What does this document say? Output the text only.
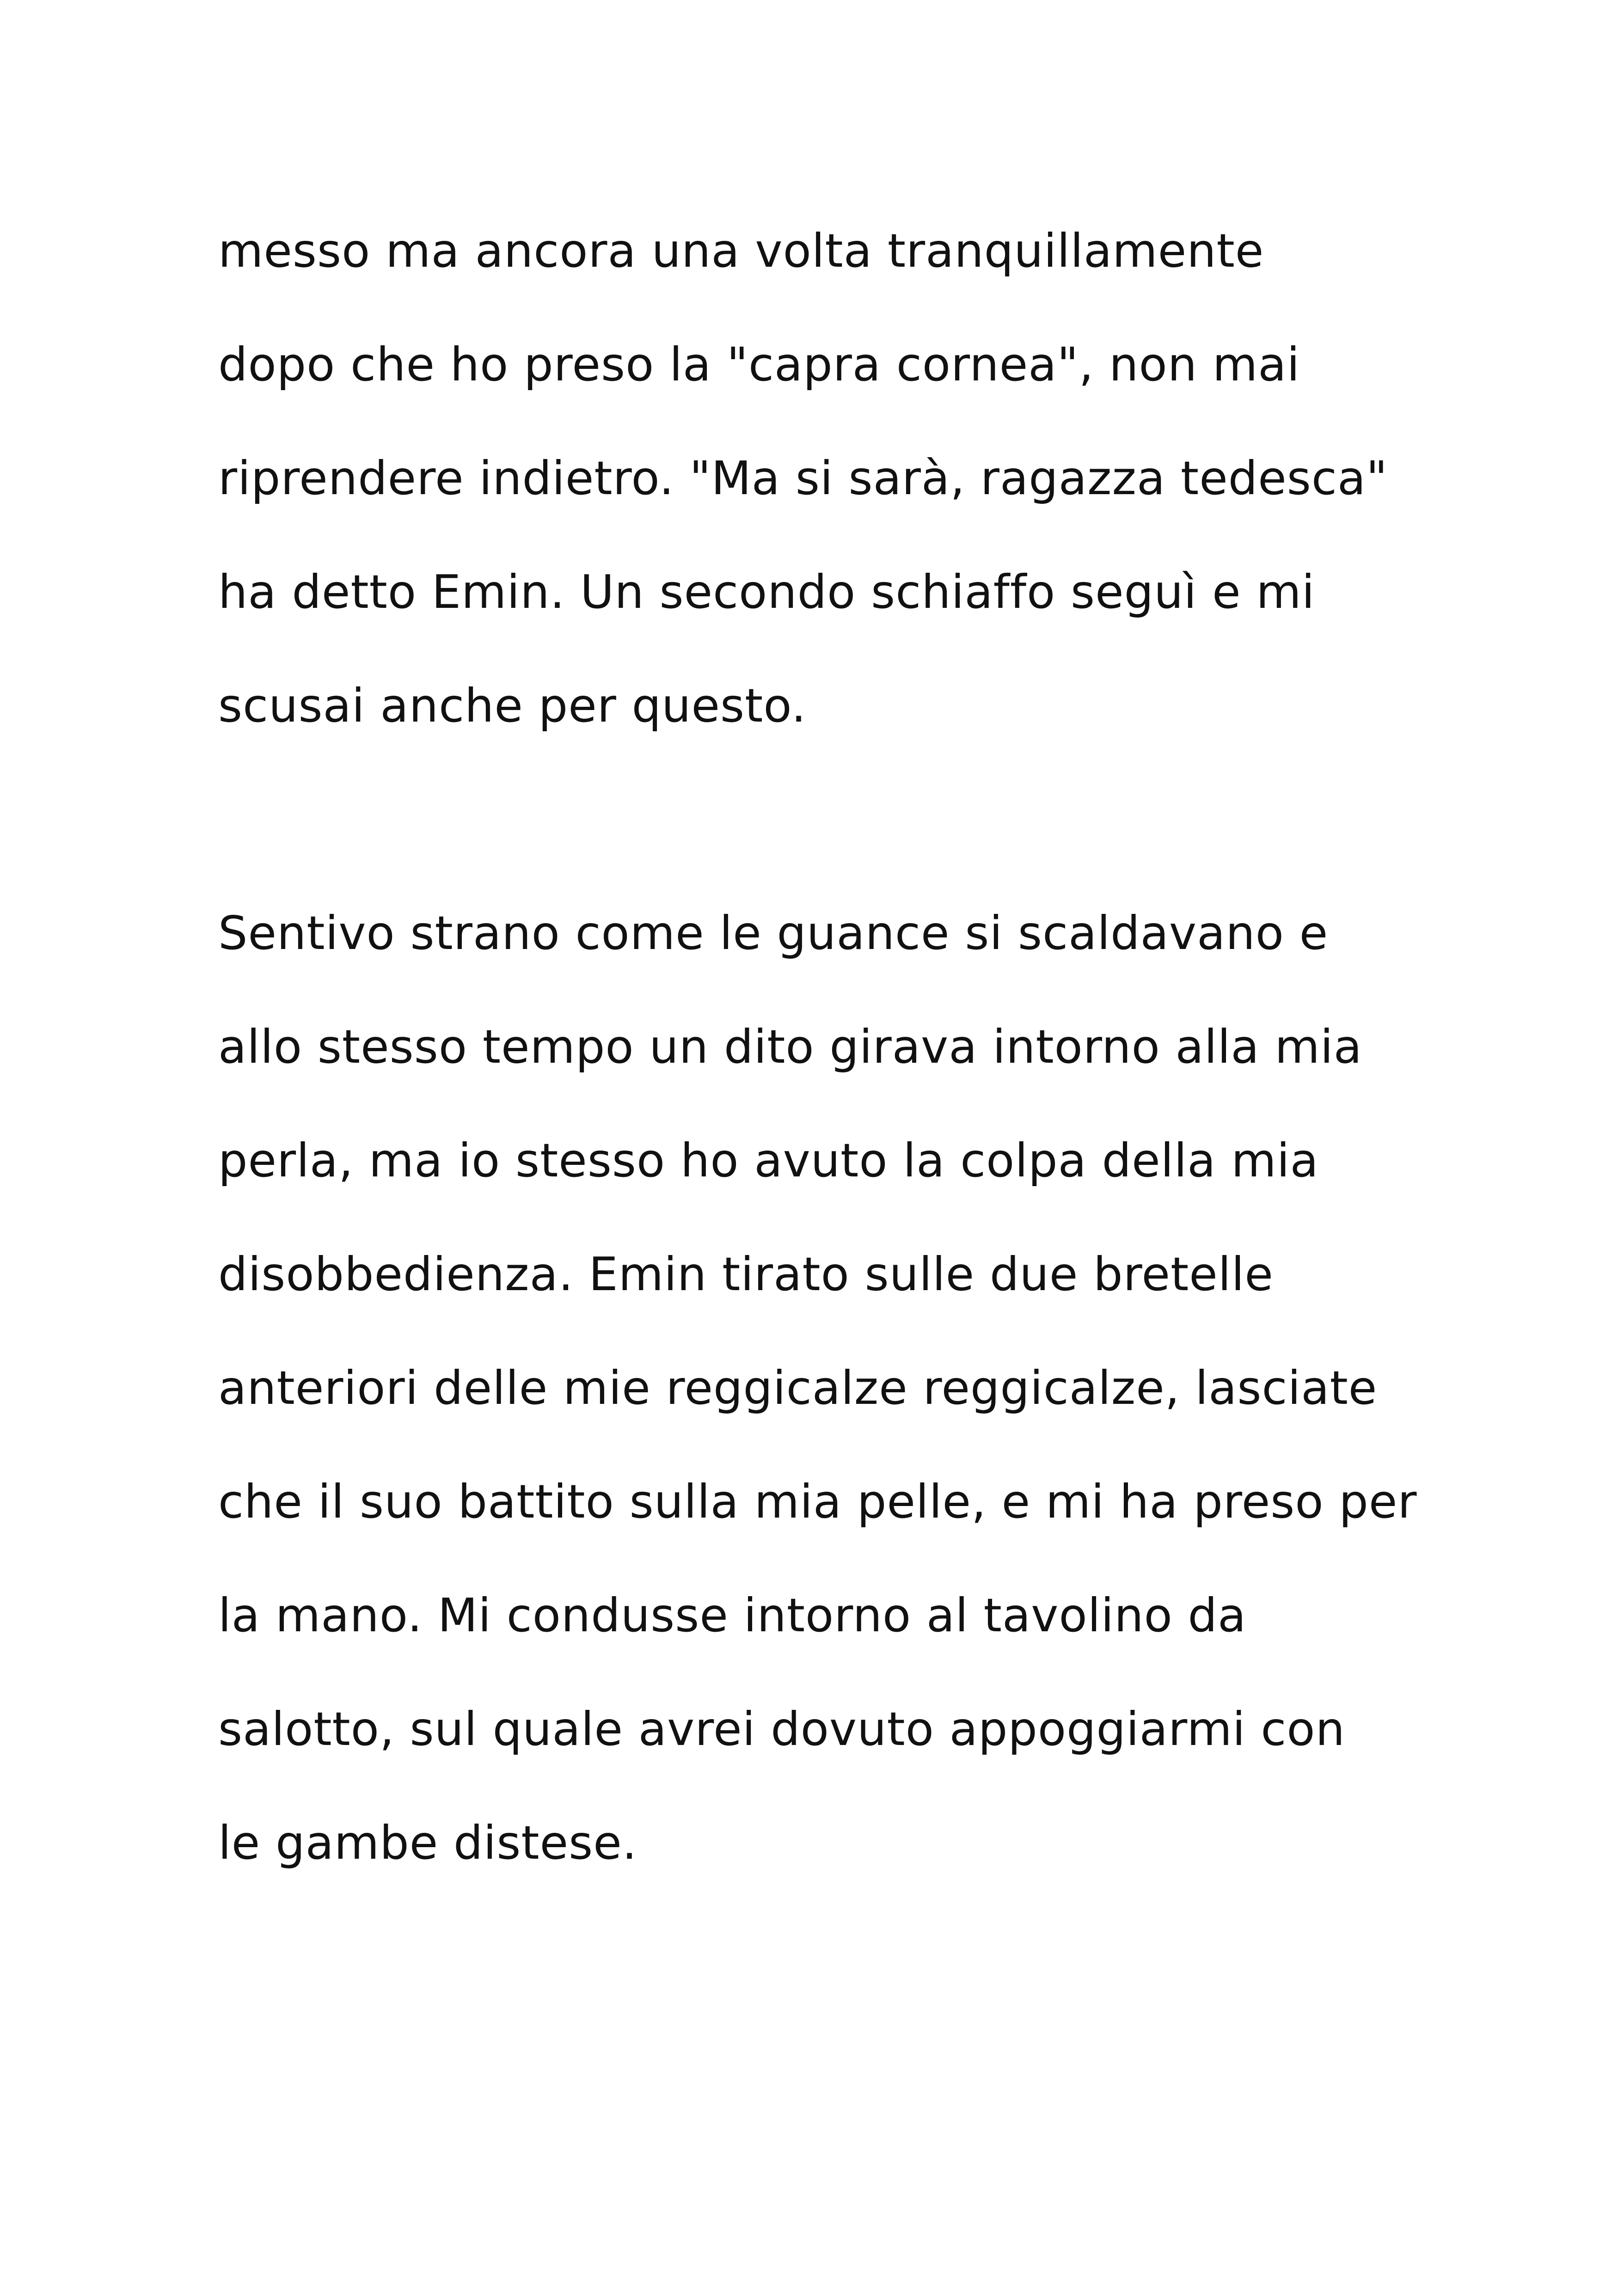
messo ma ancora una volta tranquillamente

dopo che ho preso la "capra cornea", non mai

riprendere indietro. "Ma si sarà, ragazza tedesca"

ha detto Emin. Un secondo schiaffo seguì e mi

scusai anche per questo.

Sentivo strano come le guance si scaldavano e

allo stesso tempo un dito girava intorno alla mia

perla, ma io stesso ho avuto la colpa della mia

disobbedienza. Emin tirato sulle due bretelle

anteriori delle mie reggicalze reggicalze, lasciate

che il suo battito sulla mia pelle, e mi ha preso per

la mano. Mi condusse intorno al tavolino da

salotto, sul quale avrei dovuto appoggiarmi con

le gambe distese.
